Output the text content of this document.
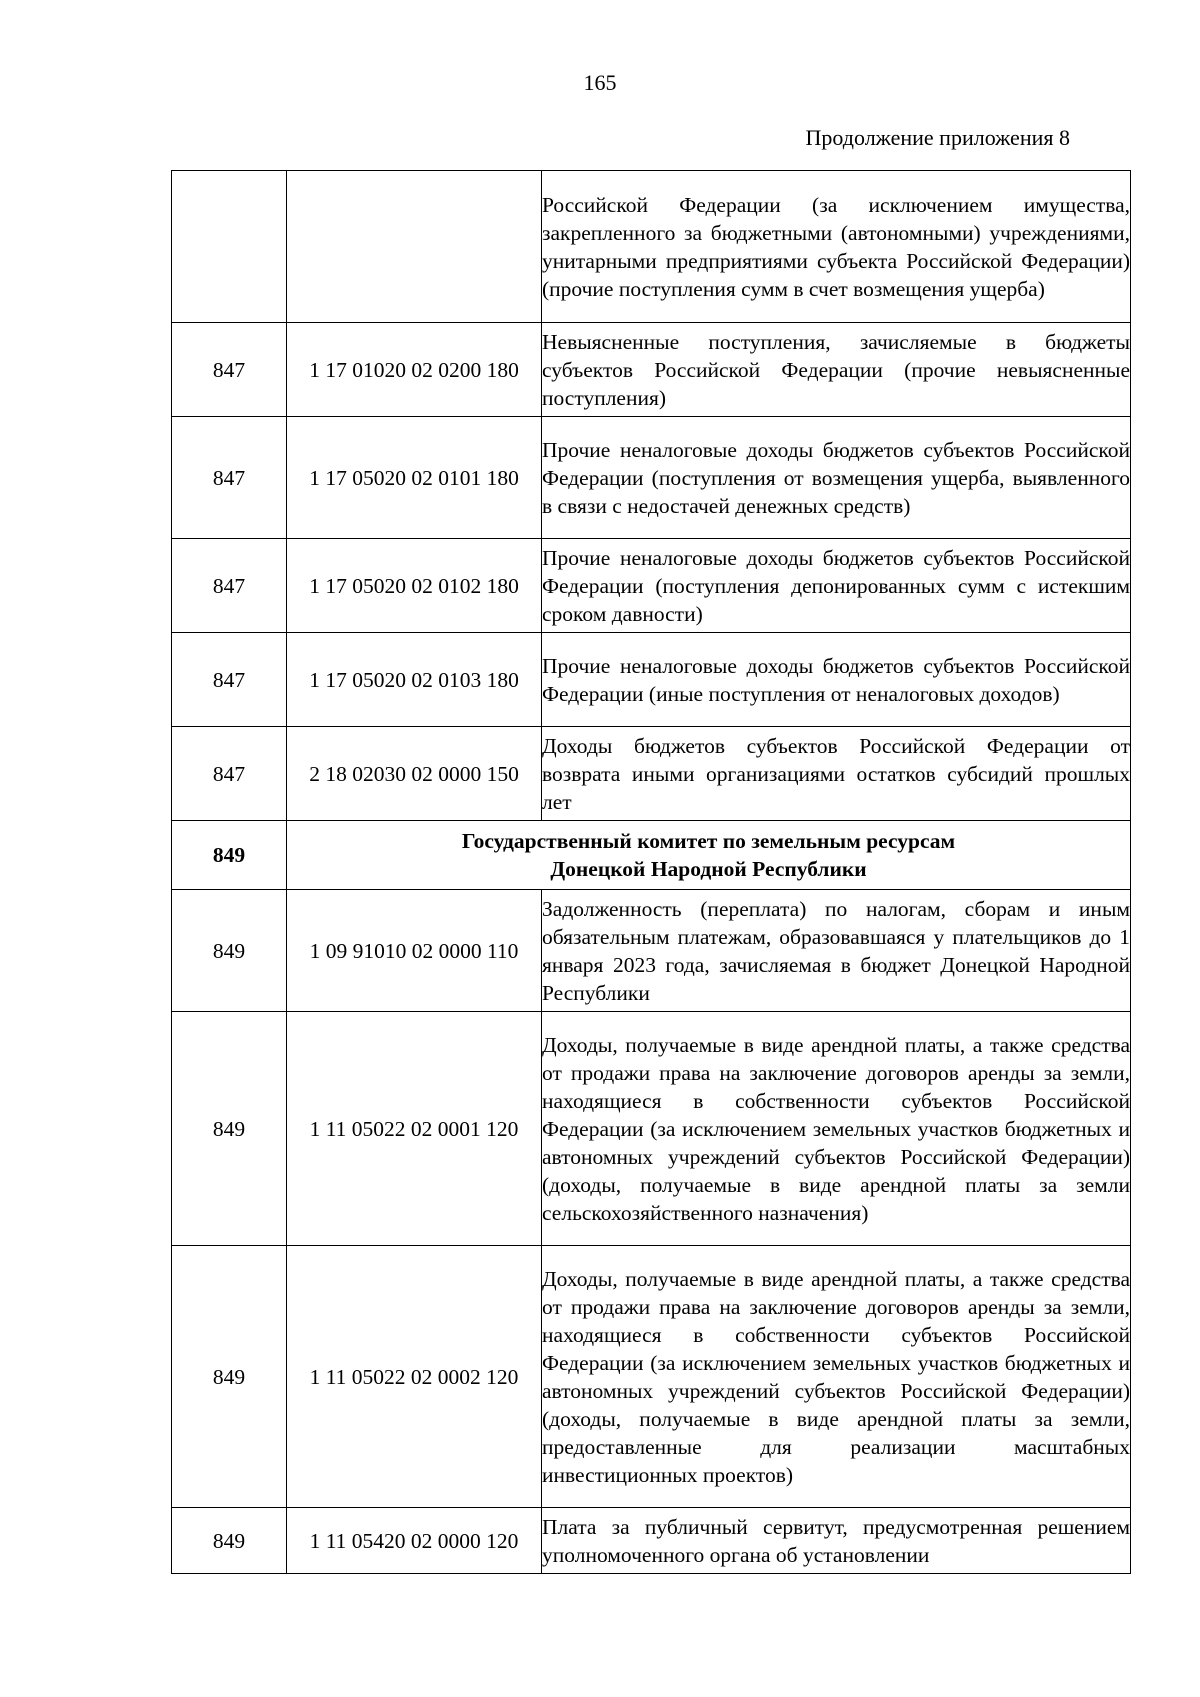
165
Продолжение приложения 8
		Российской Федерации (за исключением имущества, закрепленного за бюджетными (автономными) учреждениями, унитарными предприятиями субъекта Российской Федерации) (прочие поступления сумм в счет возмещения ущерба)
847	1 17 01020 02 0200 180	Невыясненные поступления, зачисляемые в бюджеты субъектов Российской Федерации (прочие невыясненные поступления)
847	1 17 05020 02 0101 180	Прочие неналоговые доходы бюджетов субъектов Российской Федерации (поступления от возмещения ущерба, выявленного в связи с недостачей денежных средств)
847	1 17 05020 02 0102 180	Прочие неналоговые доходы бюджетов субъектов Российской Федерации (поступления депонированных сумм с истекшим сроком давности)
847	1 17 05020 02 0103 180	Прочие неналоговые доходы бюджетов субъектов Российской Федерации (иные поступления от неналоговых доходов)
847	2 18 02030 02 0000 150	Доходы бюджетов субъектов Российской Федерации от возврата иными организациями остатков субсидий прошлых лет
849	Государственный комитет по земельным ресурсам
Донецкой Народной Республики	

849	1 09 91010 02 0000 110	Задолженность (переплата) по налогам, сборам и иным обязательным платежам, образовавшаяся у плательщиков до 1 января 2023 года, зачисляемая в бюджет Донецкой Народной Республики
849	1 11 05022 02 0001 120	Доходы, получаемые в виде арендной платы, а также средства от продажи права на заключение договоров аренды за земли, находящиеся в собственности субъектов Российской Федерации (за исключением земельных участков бюджетных и автономных учреждений субъектов Российской Федерации) (доходы, получаемые в виде арендной платы за земли сельскохозяйственного назначения)
849	1 11 05022 02 0002 120	Доходы, получаемые в виде арендной платы, а также средства от продажи права на заключение договоров аренды за земли, находящиеся в собственности субъектов Российской Федерации (за исключением земельных участков бюджетных и автономных учреждений субъектов Российской Федерации) (доходы, получаемые в виде арендной платы за земли, предоставленные для реализации масштабных инвестиционных проектов)
849	1 11 05420 02 0000 120	Плата за публичный сервитут, предусмотренная решением уполномоченного органа об установлении
